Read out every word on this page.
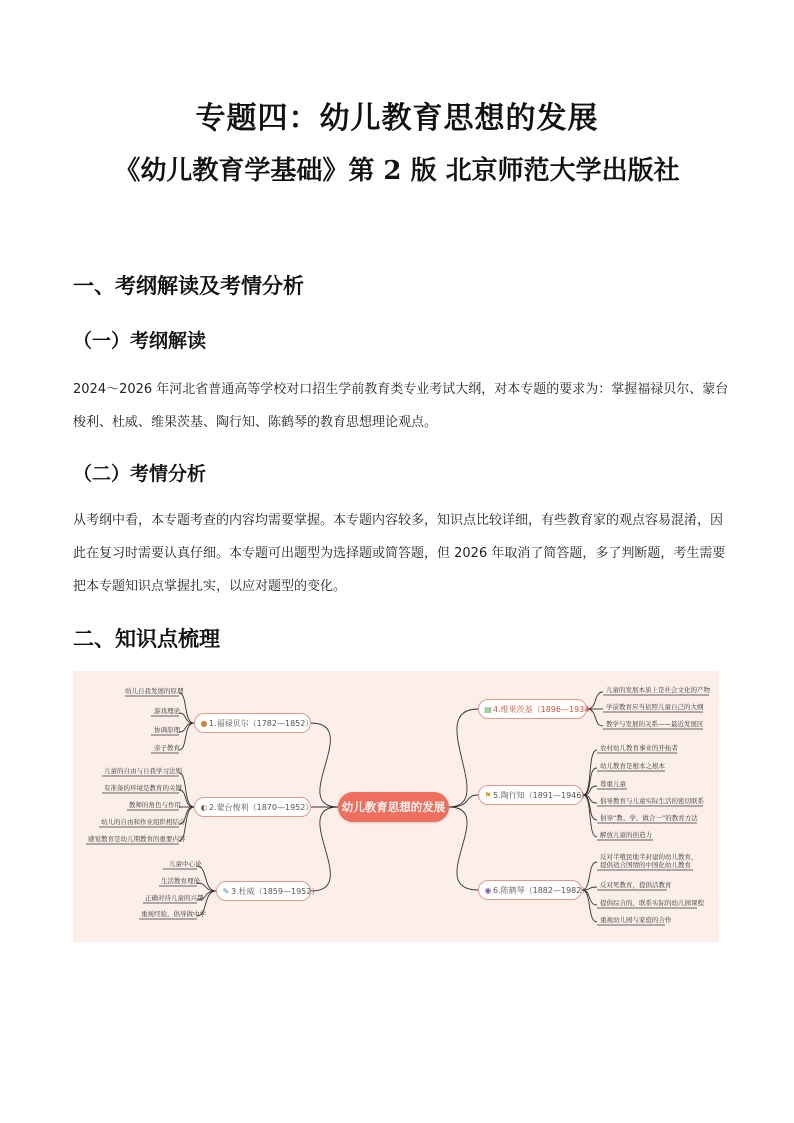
专题四：幼儿教育思想的发展
《幼儿教育学基础》第 2 版 北京师范大学出版社
一、考纲解读及考情分析
（一）考纲解读
2024～2026 年河北省普通高等学校对口招生学前教育类专业考试大纲，对本专题的要求为：掌握福禄贝尔、蒙台梭利、杜威、维果茨基、陶行知、陈鹤琴的教育思想理论观点。
（二）考情分析
从考纲中看，本专题考查的内容均需要掌握。本专题内容较多，知识点比较详细，有些教育家的观点容易混淆，因此在复习时需要认真仔细。本专题可出题型为选择题或简答题，但 2026 年取消了简答题，多了判断题，考生需要把本专题知识点掌握扎实，以应对题型的变化。
二、知识点梳理
幼儿教育思想的发展
● 1.福禄贝尔（1782—1852）
◐ 2.蒙台梭利（1870—1952）
✎ 3.杜威（1859—1952）
▤4.维果茨基（1896—1934）
⚑5.陶行知（1891—1946）
◉ 6.陈鹤琴（1882—1982）
幼儿自我发展的原理
游戏理论
协调原理
亲子教育
儿童的自由与自我学习法则
有准备的环境是教育的关键
教师的角色与作用
幼儿的自由和作业组织相结合
感觉教育是幼儿期教育的重要内容
儿童中心论
生活教育理论
正确对待儿童的兴趣
重视经验，倡导做中学
儿童的发展本质上是社会文化的产物
学前教育应当依照儿童自己的大纲
教学与发展的关系——最近发展区
农村幼儿教育事业的开拓者
幼儿教育是根本之根本
尊重儿童
倡导教育与儿童实际生活的密切联系
倡导“教、学、做合一”的教育方法
解放儿童的创造力
反对半殖民地半封建的幼儿教育，
提倡适合国情的中国化幼儿教育
反对死教育，提倡活教育
提倡综合的、联系实际的幼儿园课程
重视幼儿园与家庭的合作
